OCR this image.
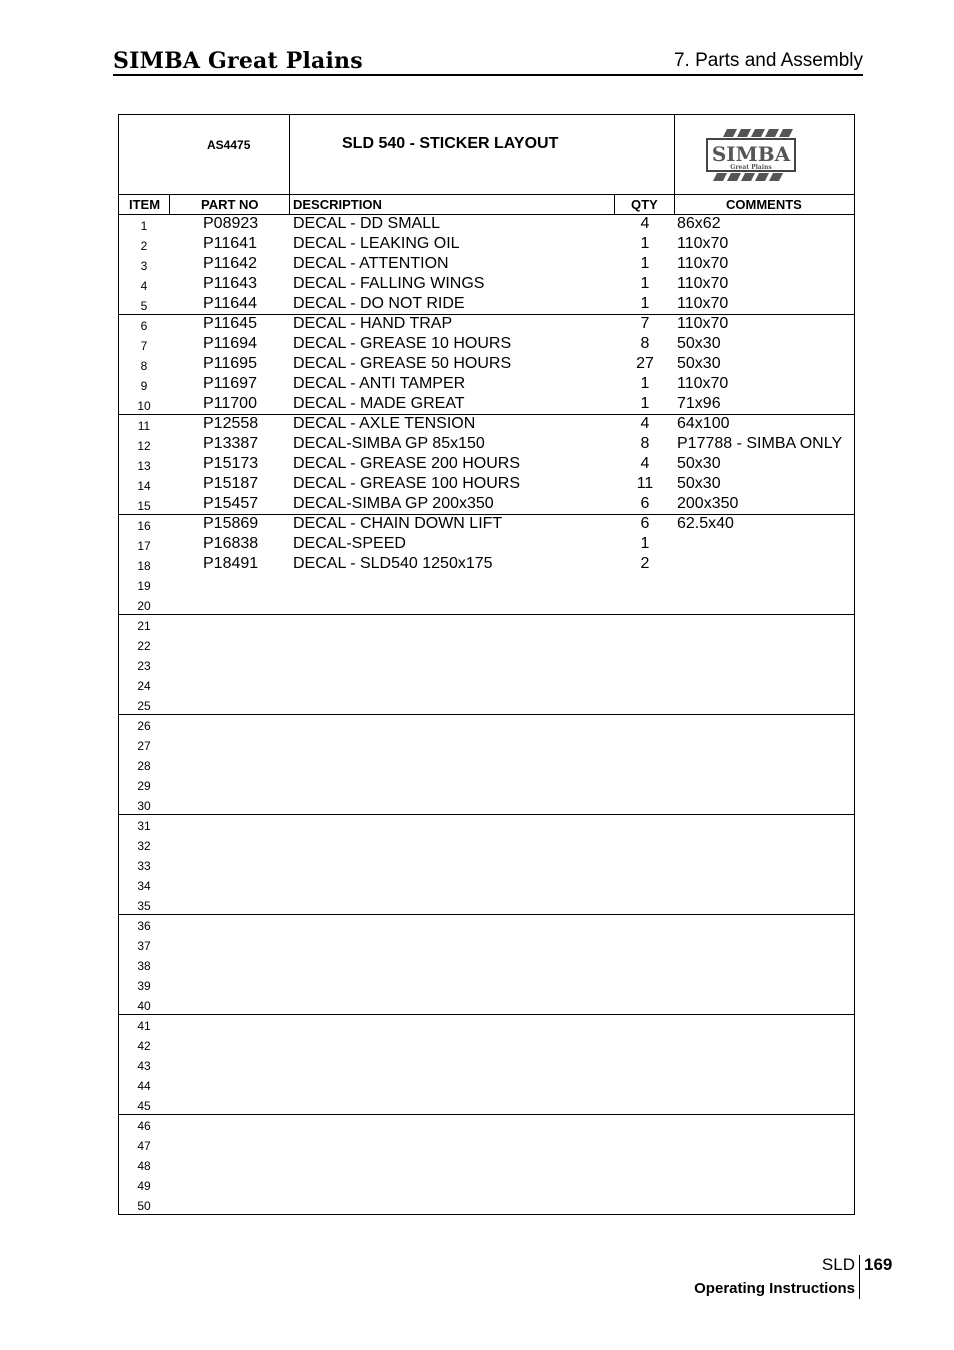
SIMBA Great Plains	7. Parts and Assembly
AS4475	SLD 540 - STICKER LAYOUT	SIMBA
Great Plains
ITEM	PART NO	DESCRIPTION	QTY	COMMENTS
1	P08923 DECAL - DD SMALL	4	86x62
2	P11641 DECAL - LEAKING OIL	1	110x70
3	P11642 DECAL - ATTENTION	1	110x70
4	P11643 DECAL - FALLING WINGS	1	110x70
5	P11644 DECAL - DO NOT RIDE	1	110x70
6	P11645 DECAL - HAND TRAP	7	110x70
7	P11694 DECAL - GREASE 10 HOURS	8	50x30
8	P11695 DECAL - GREASE 50 HOURS	27	50x30
9	P11697 DECAL - ANTI TAMPER	1	110x70
10	P11700 DECAL - MADE GREAT	1	71x96
11	P12558 DECAL - AXLE TENSION	4	64x100
12	P13387 DECAL-SIMBA GP 85x150	8	P17788 - SIMBA ONLY
13	P15173 DECAL - GREASE 200 HOURS	4	50x30
14	P15187 DECAL - GREASE 100 HOURS	11	50x30
15	P15457 DECAL-SIMBA GP 200x350	6	200x350
16	P15869 DECAL - CHAIN DOWN LIFT	6	62.5x40
17	P16838 DECAL-SPEED	1
18	P18491 DECAL - SLD540 1250x175	2
19
20
21
22
23
24
25
26
27
28
29
30
31
32
33
34
35
36
37
38
39
40
41
42
43
44
45
46
47
48
49
50
SLD 169
Operating Instructions
